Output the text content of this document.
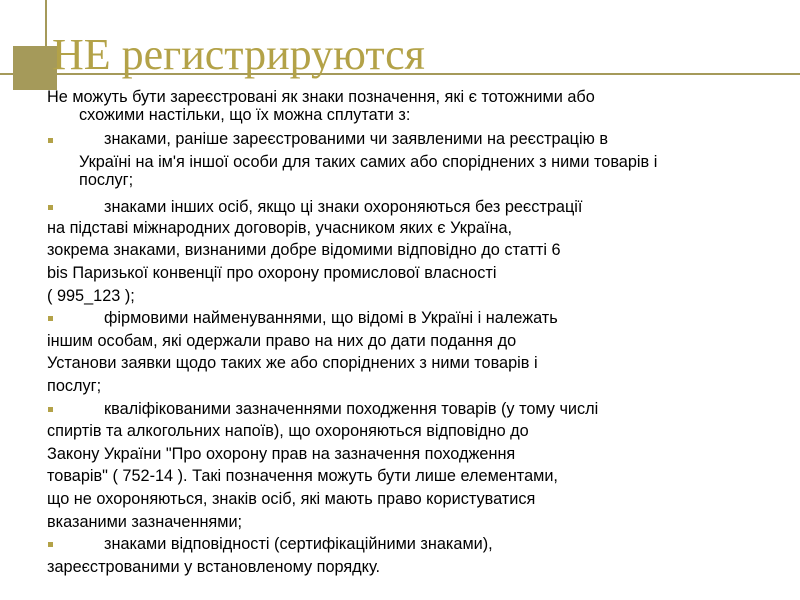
НЕ регистрируются
Не можуть бути зареєстровані як знаки позначення, які є тотожними або
схожими настільки, що їх можна сплутати з:
знаками, раніше зареєстрованими чи заявленими на реєстрацію в
Україні на ім'я іншої особи для таких самих або споріднених з ними товарів і
послуг;
знаками інших осіб, якщо ці знаки охороняються без реєстрації
на підставі міжнародних договорів, учасником яких є Україна,
зокрема знаками, визнаними добре відомими відповідно до статті 6
bis Паризької конвенції про охорону промислової власності
( 995_123 );
фірмовими найменуваннями, що відомі в Україні і належать
іншим особам, які одержали право на них до дати подання до
Установи заявки щодо таких же або споріднених з ними товарів і
послуг;
кваліфікованими зазначеннями походження товарів (у тому числі
спиртів та алкогольних напоїв), що охороняються відповідно до
Закону України "Про охорону прав на зазначення походження
товарів" ( 752-14 ). Такі позначення можуть бути лише елементами,
що не охороняються, знаків осіб, які мають право користуватися
вказаними зазначеннями;
знаками відповідності (сертифікаційними знаками),
зареєстрованими у встановленому порядку.
